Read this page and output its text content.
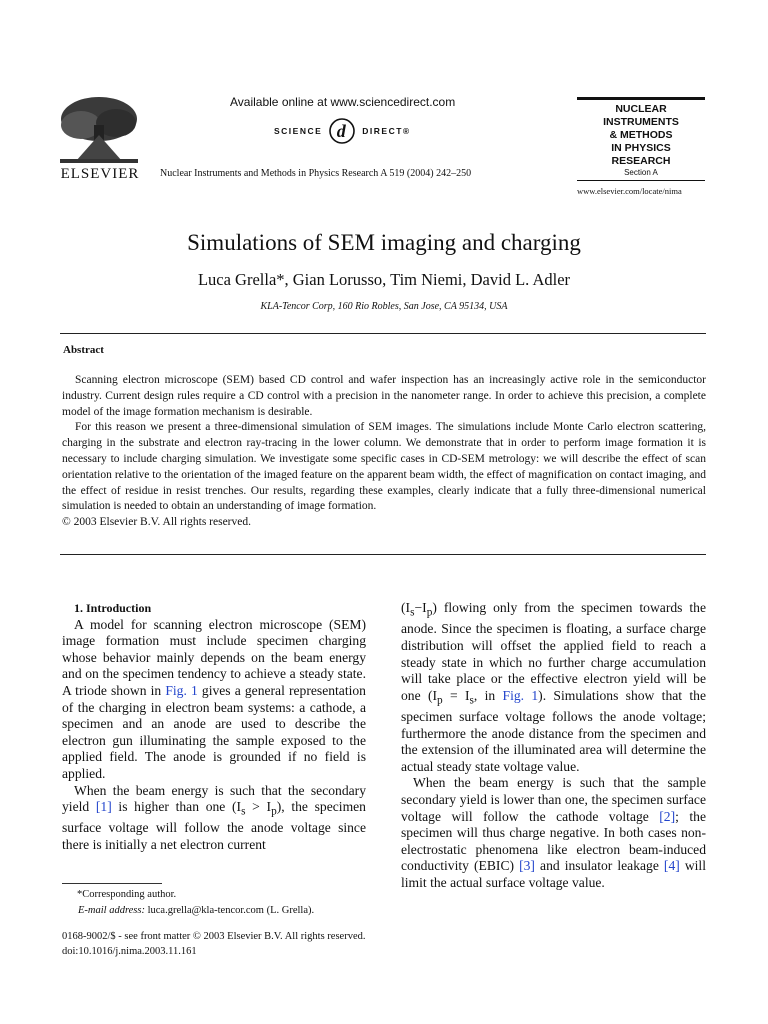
ELSEVIER
Available online at www.sciencedirect.com
SCIENCE d DIRECT®
Nuclear Instruments and Methods in Physics Research A 519 (2004) 242–250
NUCLEAR
INSTRUMENTS
& METHODS
IN PHYSICS
RESEARCH
Section A
www.elsevier.com/locate/nima
Simulations of SEM imaging and charging
Luca Grella*, Gian Lorusso, Tim Niemi, David L. Adler
KLA-Tencor Corp, 160 Rio Robles, San Jose, CA 95134, USA
Abstract

Scanning electron microscope (SEM) based CD control and wafer inspection has an increasingly active role in the semiconductor industry. Current design rules require a CD control with a precision in the nanometer range. In order to achieve this precision, a complete model of the image formation mechanism is desirable.

For this reason we present a three-dimensional simulation of SEM images. The simulations include Monte Carlo electron scattering, charging in the substrate and electron ray-tracing in the lower column. We demonstrate that in order to perform image formation it is necessary to include charging simulation. We investigate some specific cases in CD-SEM metrology: we will describe the effect of scan orientation relative to the orientation of the imaged feature on the apparent beam width, the effect of magnification on contact imaging, and the effect of residue in resist trenches. Our results, regarding these examples, clearly indicate that a fully three-dimensional numerical simulation is needed to obtain an understanding of image formation.

© 2003 Elsevier B.V. All rights reserved.

1. Introduction

A model for scanning electron microscope (SEM) image formation must include specimen charging whose behavior mainly depends on the beam energy and on the specimen tendency to achieve a steady state. A triode shown in Fig. 1 gives a general representation of the charging in electron beam systems: a cathode, a specimen and an anode are used to describe the electron gun illuminating the sample exposed to the applied field. The anode is grounded if no field is applied.

When the beam energy is such that the secondary yield [1] is higher than one $(I_s > I_p)$, the specimen surface voltage will follow the anode voltage since there is initially a net electron current

$(I_s-I_p)$ flowing only from the specimen towards the anode. Since the specimen is floating, a surface charge distribution will offset the applied field to reach a steady state in which no further charge accumulation will take place or the effective electron yield will be one ($I_p = I_s$, in Fig. 1). Simulations show that the specimen surface voltage follows the anode voltage; furthermore the anode distance from the specimen and the extension of the illuminated area will determine the actual steady state voltage value.

When the beam energy is such that the sample secondary yield is lower than one, the specimen surface voltage will follow the cathode voltage [2]; the specimen will thus charge negative. In both cases non-electrostatic phenomena like electron beam-induced conductivity (EBIC) [3] and insulator leakage [4] will limit the actual surface voltage value.

*Corresponding author.
E-mail address: luca.grella@kla-tencor.com (L. Grella).
0168-9002/$ - see front matter © 2003 Elsevier B.V. All rights reserved.
doi:10.1016/j.nima.2003.11.161
